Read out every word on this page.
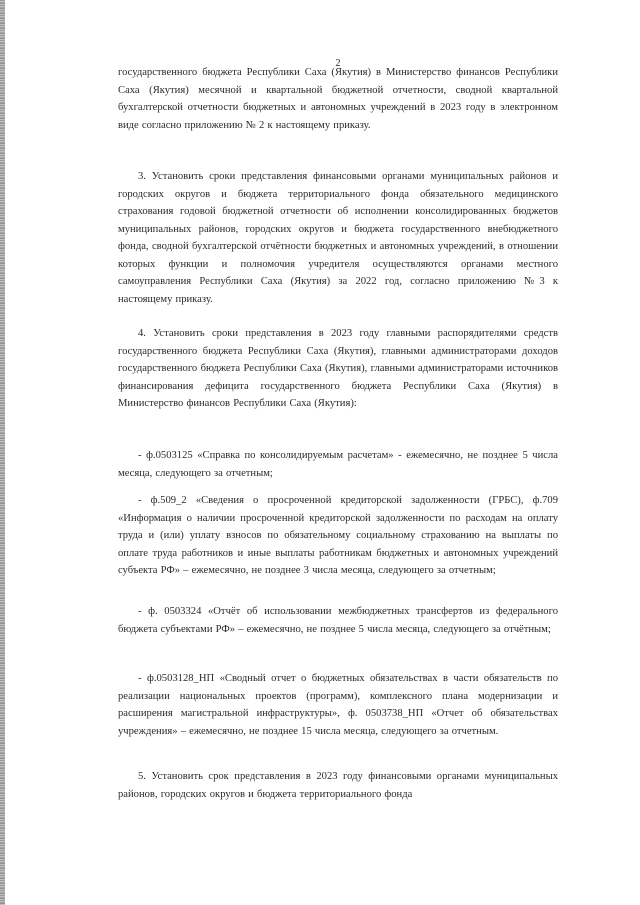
2

государственного бюджета Республики Саха (Якутия) в Министерство финансов Республики Саха (Якутия) месячной и квартальной бюджетной отчетности, сводной квартальной бухгалтерской отчетности бюджетных и автономных учреждений в 2023 году в электронном виде согласно приложению № 2 к настоящему приказу.

3. Установить сроки представления финансовыми органами муниципальных районов и городских округов и бюджета территориального фонда обязательного медицинского страхования годовой бюджетной отчетности об исполнении консолидированных бюджетов муниципальных районов, городских округов и бюджета государственного внебюджетного фонда, сводной бухгалтерской отчётности бюджетных и автономных учреждений, в отношении которых функции и полномочия учредителя осуществляются органами местного самоуправления Республики Саха (Якутия) за 2022 год, согласно приложению №3 к настоящему приказу.

4. Установить сроки представления в 2023 году главными распорядителями средств государственного бюджета Республики Саха (Якутия), главными администраторами доходов государственного бюджета Республики Саха (Якутия), главными администраторами источников финансирования дефицита государственного бюджета Республики Саха (Якутия) в Министерство финансов Республики Саха (Якутия):

- ф.0503125 «Справка по консолидируемым расчетам» - ежемесячно, не позднее 5 числа месяца, следующего за отчетным;

- ф.509_2 «Сведения о просроченной кредиторской задолженности (ГРБС), ф.709 «Информация о наличии просроченной кредиторской задолженности по расходам на оплату труда и (или) уплату взносов по обязательному социальному страхованию на выплаты по оплате труда работников и иные выплаты работникам бюджетных и автономных учреждений субъекта РФ» – ежемесячно, не позднее 3 числа месяца, следующего за отчетным;

- ф. 0503324 «Отчёт об использовании межбюджетных трансфертов из федерального бюджета субъектами РФ» – ежемесячно, не позднее 5 числа месяца, следующего за отчётным;

- ф.0503128_НП «Сводный отчет о бюджетных обязательствах в части обязательств по реализации национальных проектов (программ), комплексного плана модернизации и расширения магистральной инфраструктуры», ф. 0503738_НП «Отчет об обязательствах учреждения» – ежемесячно, не позднее 15 числа месяца, следующего за отчетным.

5. Установить срок представления в 2023 году финансовыми органами муниципальных районов, городских округов и бюджета территориального фонда
